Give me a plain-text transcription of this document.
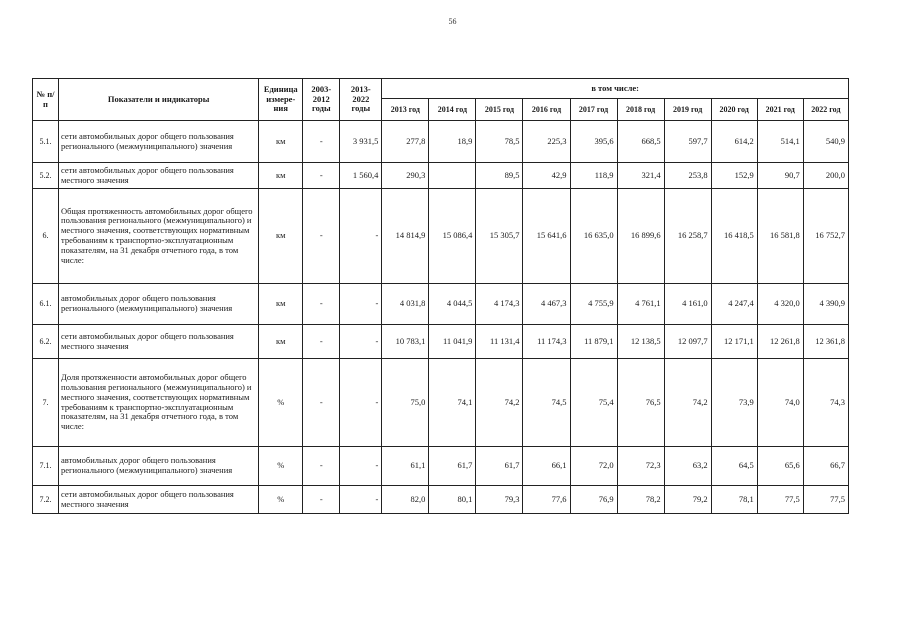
56
№ п/п	Показатели и индикаторы	Единица измере- ния	2003- 2012 годы	2013- 2022 годы	в том числе:									
					2013 год	2014 год	2015 год	2016 год	2017 год	2018 год	2019 год	2020 год	2021 год	2022 год
5.1.	сети автомобильных дорог общего пользования регионального (межмуниципального) значения	км	-	3 931,5	277,8	18,9	78,5	225,3	395,6	668,5	597,7	614,2	514,1	540,9
5.2.	сети автомобильных дорог общего пользования местного значения	км	-	1 560,4	290,3		89,5	42,9	118,9	321,4	253,8	152,9	90,7	200,0
6.	Общая протяженность автомобильных дорог общего пользования регионального (межмуниципального) и местного значения, соответствующих нормативным требованиям к транспортно-эксплуатационным показателям, на 31 декабря отчетного года, в том числе:	км	-	-	14 814,9	15 086,4	15 305,7	15 641,6	16 635,0	16 899,6	16 258,7	16 418,5	16 581,8	16 752,7
6.1.	автомобильных дорог общего пользования регионального (межмуниципального) значения	км	-	-	4 031,8	4 044,5	4 174,3	4 467,3	4 755,9	4 761,1	4 161,0	4 247,4	4 320,0	4 390,9
6.2.	сети автомобильных дорог общего пользования местного значения	км	-	-	10 783,1	11 041,9	11 131,4	11 174,3	11 879,1	12 138,5	12 097,7	12 171,1	12 261,8	12 361,8
7.	Доля протяженности автомобильных дорог общего пользования регионального (межмуниципального) и местного значения, соответствующих нормативным требованиям к транспортно-эксплуатационным показателям, на 31 декабря отчетного года, в том числе:	%	-	-	75,0	74,1	74,2	74,5	75,4	76,5	74,2	73,9	74,0	74,3
7.1.	автомобильных дорог общего пользования регионального (межмуниципального) значения	%	-	-	61,1	61,7	61,7	66,1	72,0	72,3	63,2	64,5	65,6	66,7
7.2.	сети автомобильных дорог общего пользования местного значения	%	-	-	82,0	80,1	79,3	77,6	76,9	78,2	79,2	78,1	77,5	77,5
